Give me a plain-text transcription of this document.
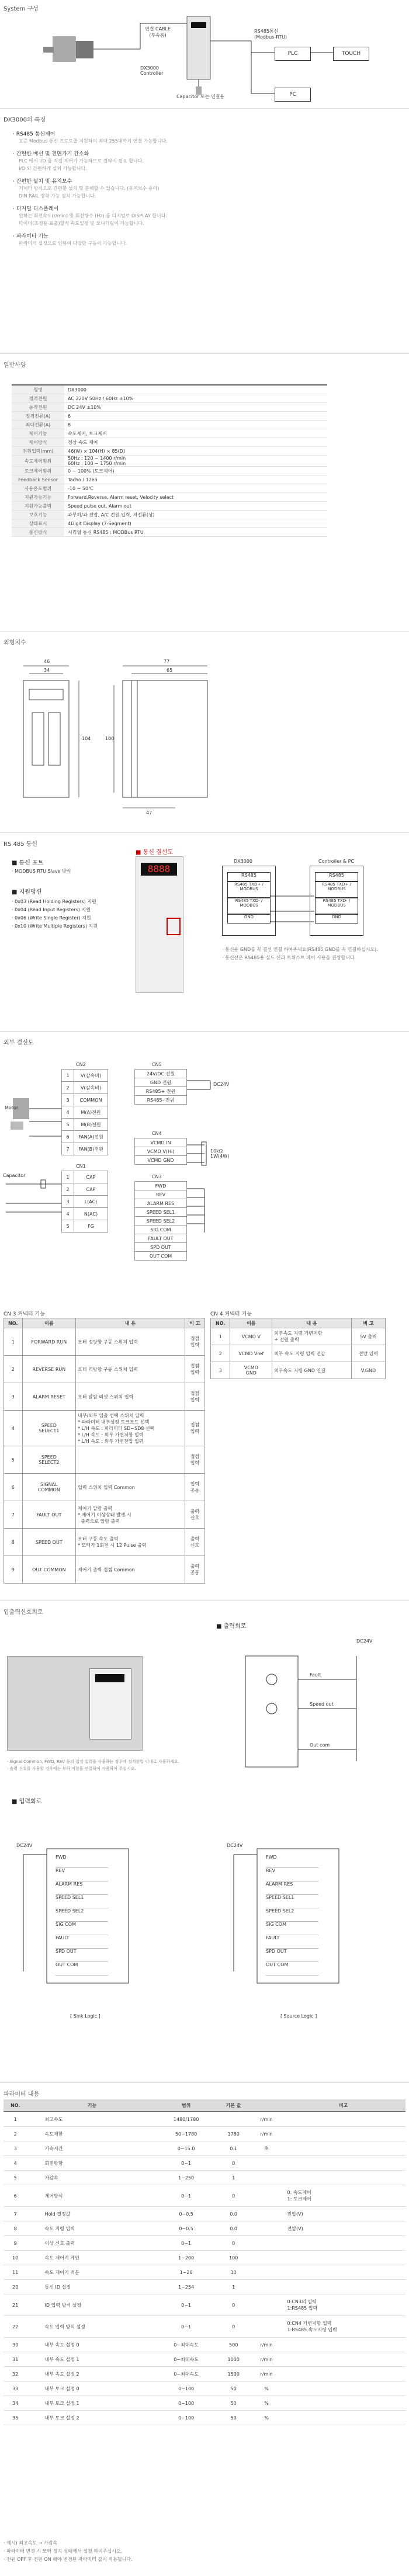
System 구성
연결 CABLE
(부속품)
DX3000
Controller
Capacitor 또는 연결용
RS485통신
(Modbus-RTU)
PLC	TOUCH
PC
DX3000의 특징
· RS485 통신제어
표준 Modbus 통신 프로토콜 지원하여 최대 255대까지 연결 가능합니다.
· 간편한 배선 및 전면가기 간소화
PLC 에서 I/O 를 직접 제어가 가능하므로 절약이 필요 합니다.
I/O 와 간편하게 설치 가능합니다.
· 간편한 설치 및 유지보수
커넥터 방식으로 간편한 설치 및 분해할 수 있습니다. (유지보수 용이)
DIN RAIL 장착 가능 설치 가능합니다.
· 디지털 디스플레이
원하는 회전속도(r/min) 및 회전방수 (Hz) 를 디지털로 DISPLAY 합니다.
타이머(조정용 표출)할적 속도일정 및 모니터링이 가능합니다.
· 파라미터 기능
파라미터 설정으로 인하여 다양한 구동이 가능합니다.
일반사양
형명	DX3000
정격전원	AC 220V 50Hz / 60Hz ±10%
동작전원	DC 24V ±10%
정격전류(A)	6
최대전류(A)	8
제어기능	속도제어, 토크제어
제어방식	정상 속도 제어
전원입력(mm)	46(W) × 104(H) × 85(D)
속도제어범위	50Hz : 120 ~ 1400 r/min
60Hz : 100 ~ 1750 r/min
토크제어범위	0 ~ 100% (토크제어)
Feedback Sensor	Tacho / 12ea
사용온도범위	-10 ~ 50℃
지원가능기능	Forward,Reverse, Alarm reset, Velocity select
지원가능출력	Speed pulse out, Alarm out
보호기능	과부하/과 전압, A/C 전원 입력, 저전류(상)
상태표시	4Digit Display (7-Segment)
통신방식	시리얼 통신 RS485 : MODBus RTU
외형치수
46
34
77
65
104	100
47
RS 485 통신
■ 통신 포트
· MODBUS RTU Slave 방식
■ 지원펑션
· 0x03 (Read Holding Registers) 지원
· 0x04 (Read Input Registers) 지원
· 0x06 (Write Single Register) 지원
· 0x10 (Write Multiple Registers) 지원
■ 통신 결선도
8888
DX3000	Controller & PC
RS485
RS485 TXD+ / MODBUS
RS485 TXD- / MODBUS
GND
RS485
RS485 TXD+ / MODBUS
RS485 TXD- / MODBUS
GND
· 통신용 GND를 꼭 결선 연결 하여주세요(RS485 GND를 꼭 연결하십시오).
· 통신선은 RS485용 실드 선과 트위스트 페어 사용을 권장합니다.
외부 결선도
CN2
1	V(감속비)
2	V(감속비)
3	COMMON
4	M(A)전원
5	M(B)전원
6	FAN(A)전원
7	FAN(B)전원
CN1
1	CAP
2	CAP
3	L(AC)
4	N(AC)
5	FG
CN5
24V/DC 전원
GND 전원
RS485+ 전원
RS485- 전원
CN4
VCMD IN
VCMD V(Hi)
VCMD GND
CN3
FWD
REV
ALARM RES
SPEED SEL1
SPEED SEL2
SIG COM
FAULT OUT
SPD OUT
OUT COM
Motor
Capacitor
DC24V
10kΩ
1W(4W)
CN 3 커넥터 기능
NO.	이름	내 용	비 고
1	FORWARD RUN	모터 정방향 구동 스위치 입력	접점
입력
2	REVERSE RUN	모터 역방향 구동 스위치 입력	접점
입력
3	ALARM RESET	모터 알람 리셋 스위치 입력	접점
입력
4	SPEED
SELECT1	내부/외부 입출 선택 스위치 입력
* 파라미터 내부설정 토크모드 선택
* L/H 속도 : 파라미터 SD~SD8 선택
* L/H 속도 : 외부 가변저항 입력
* L/H 속도 : 외부 가변전압 입력	접점
입력
5	SPEED
SELECT2		접점
입력
6	SIGNAL
COMMON	입력 스위치 입력 Common	입력
공통
7	FAULT OUT	제어기 알람 출력
* 제어기 이상상태 발생 시
출력으로 알람 출력	출력
신호
8	SPEED OUT	모터 구동 속도 출력
* 모터가 1회전 시 12 Pulse 출력	출력
신호
9	OUT COMMON	제어기 출력 접점 Common	출력
공통
CN 4 커넥터 기능
NO.	이름	내 용	비 고
1	VCMD V	외부속도 지령 가변저항
+ 전원 출력	5V 출력
2	VCMD Vref	외부 속도 지령 입력 전압	전압 입력
3	VCMD
GND	외부속도 지령 GND 연결	V.GND
입출력신호회로
· Signal Common, FWD, REV 등의 접점 입력을 사용하는 경우에 정격전압 이내로 사용하세요.
· 출력 신호를 사용할 경우에는 부하 저항을 연결하여 사용하여 주십시오.
■ 출력회로
DC24V
Fault
Speed out
Out com
■ 입력회로
FWD
REV
ALARM RES
SPEED SEL1
SPEED SEL2
SIG COM
FAULT
SPD OUT
OUT COM
FWD
REV
ALARM RES
SPEED SEL1
SPEED SEL2
SIG COM
FAULT
SPD OUT
OUT COM
DC24V	DC24V
[ Sink Logic ]	[ Source Logic ]
파라미터 내용
NO.	기능	범위	기본 값		비고
1	최고속도	1480/1780		r/min	
2	속도제한	50~1780	1780	r/min	
3	가속시간	0~15.0	0.1	초	
4	회전방향	0~1	0		
5	가감속	1~250	1		
6	제어방식	0~1	0		0: 속도제어
1: 토크제어
7	Hold 결정값	0~0.5	0.0		전압(V)
8	속도 지령 입력	0~0.5	0.0		전압(V)
9	이상 신호 출력	0~1	0		
10	속도 재어기 게인	1~200	100		
11	속도 재어기 적분	1~20	10		
20	통신 ID 설정	1~254	1		
21	ID 입력 방식 설정	0~1	0		0:CN3의 입력
1:RS485 입력
22	속도 입력 방식 설정	0~1	0		0:CN4 가변저항 입력
1:RS485 속도지령 입력
30	내부 속도 설정 0	0~최대속도	500	r/min	
31	내부 속도 설정 1	0~최대속도	1000	r/min	
32	내부 속도 설정 2	0~최대속도	1500	r/min	
33	내부 토크 설정 0	0~100	50	%	
34	내부 토크 설정 1	0~100	50	%	
35	내부 토크 설정 2	0~100	50	%	
· 예시) 최고속도 → 가감속
· 파라미터 변경 시 모터 정지 상태에서 설정 하여주십시오.
· 전원 OFF 후 전원 ON 해야 변경된 파라미터 값이 적용됩니다.
